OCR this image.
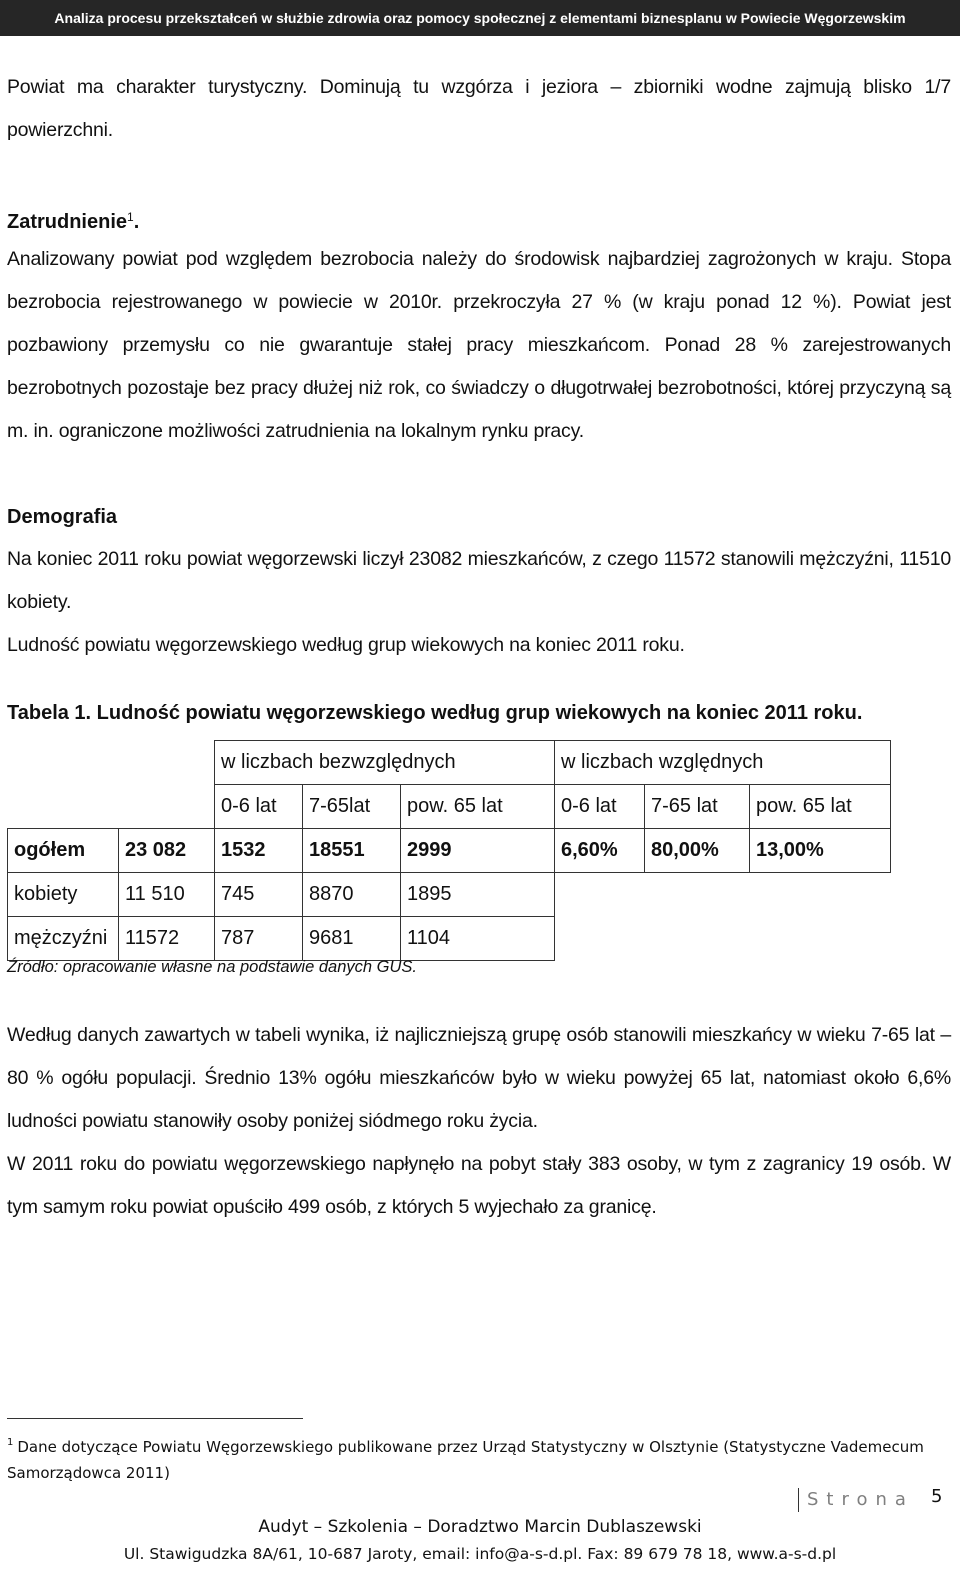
Analiza procesu przekształceń w służbie zdrowia oraz pomocy społecznej z elementami biznesplanu w Powiecie Węgorzewskim

Powiat ma charakter turystyczny. Dominują tu wzgórza i jeziora – zbiorniki wodne zajmują blisko 1/7 powierzchni.

Zatrudnienie$^1$.

Analizowany powiat pod względem bezrobocia należy do środowisk najbardziej zagrożonych w kraju. Stopa bezrobocia rejestrowanego w powiecie w 2010r. przekroczyła 27 % (w kraju ponad 12 %). Powiat jest pozbawiony przemysłu co nie gwarantuje stałej pracy mieszkańcom. Ponad 28 % zarejestrowanych bezrobotnych pozostaje bez pracy dłużej niż rok, co świadczy o długotrwałej bezrobotności, której przyczyną są m. in. ograniczone możliwości zatrudnienia na lokalnym rynku pracy.

Demografia

Na koniec 2011 roku powiat węgorzewski liczył 23082 mieszkańców, z czego 11572 stanowili mężczyźni, 11510 kobiety.

Ludność powiatu węgorzewskiego według grup wiekowych na koniec 2011 roku.

Tabela 1. Ludność powiatu węgorzewskiego według grup wiekowych na koniec 2011 roku.

		w liczbach bezwzględnych			w liczbach względnych		
		0-6 lat	7-65lat	pow. 65 lat	0-6 lat	7-65 lat	pow. 65 lat
ogółem	23 082	1532	18551	2999	6,60%	80,00%	13,00%
kobiety	11 510	745	8870	1895			
mężczyźni	11572	787	9681	1104			

Źródło: opracowanie własne na podstawie danych GUS.

Według danych zawartych w tabeli wynika, iż najliczniejszą grupę osób stanowili mieszkańcy w wieku 7-65 lat – 80 % ogółu populacji. Średnio 13% ogółu mieszkańców było w wieku powyżej 65 lat, natomiast około 6,6% ludności powiatu stanowiły osoby poniżej siódmego roku życia.

W 2011 roku do powiatu węgorzewskiego napłynęło na pobyt stały 383 osoby, w tym z zagranicy 19 osób. W tym samym roku powiat opuściło 499 osób, z których 5 wyjechało za granicę.

$^1$ Dane dotyczące Powiatu Węgorzewskiego publikowane przez Urząd Statystyczny w Olsztynie (Statystyczne Vademecum Samorządowca 2011)

Strona 5
Audyt – Szkolenia – Doradztwo Marcin Dublaszewski
Ul. Stawigudzka 8A/61, 10-687 Jaroty, email: info@a-s-d.pl. Fax: 89 679 78 18, www.a-s-d.pl
